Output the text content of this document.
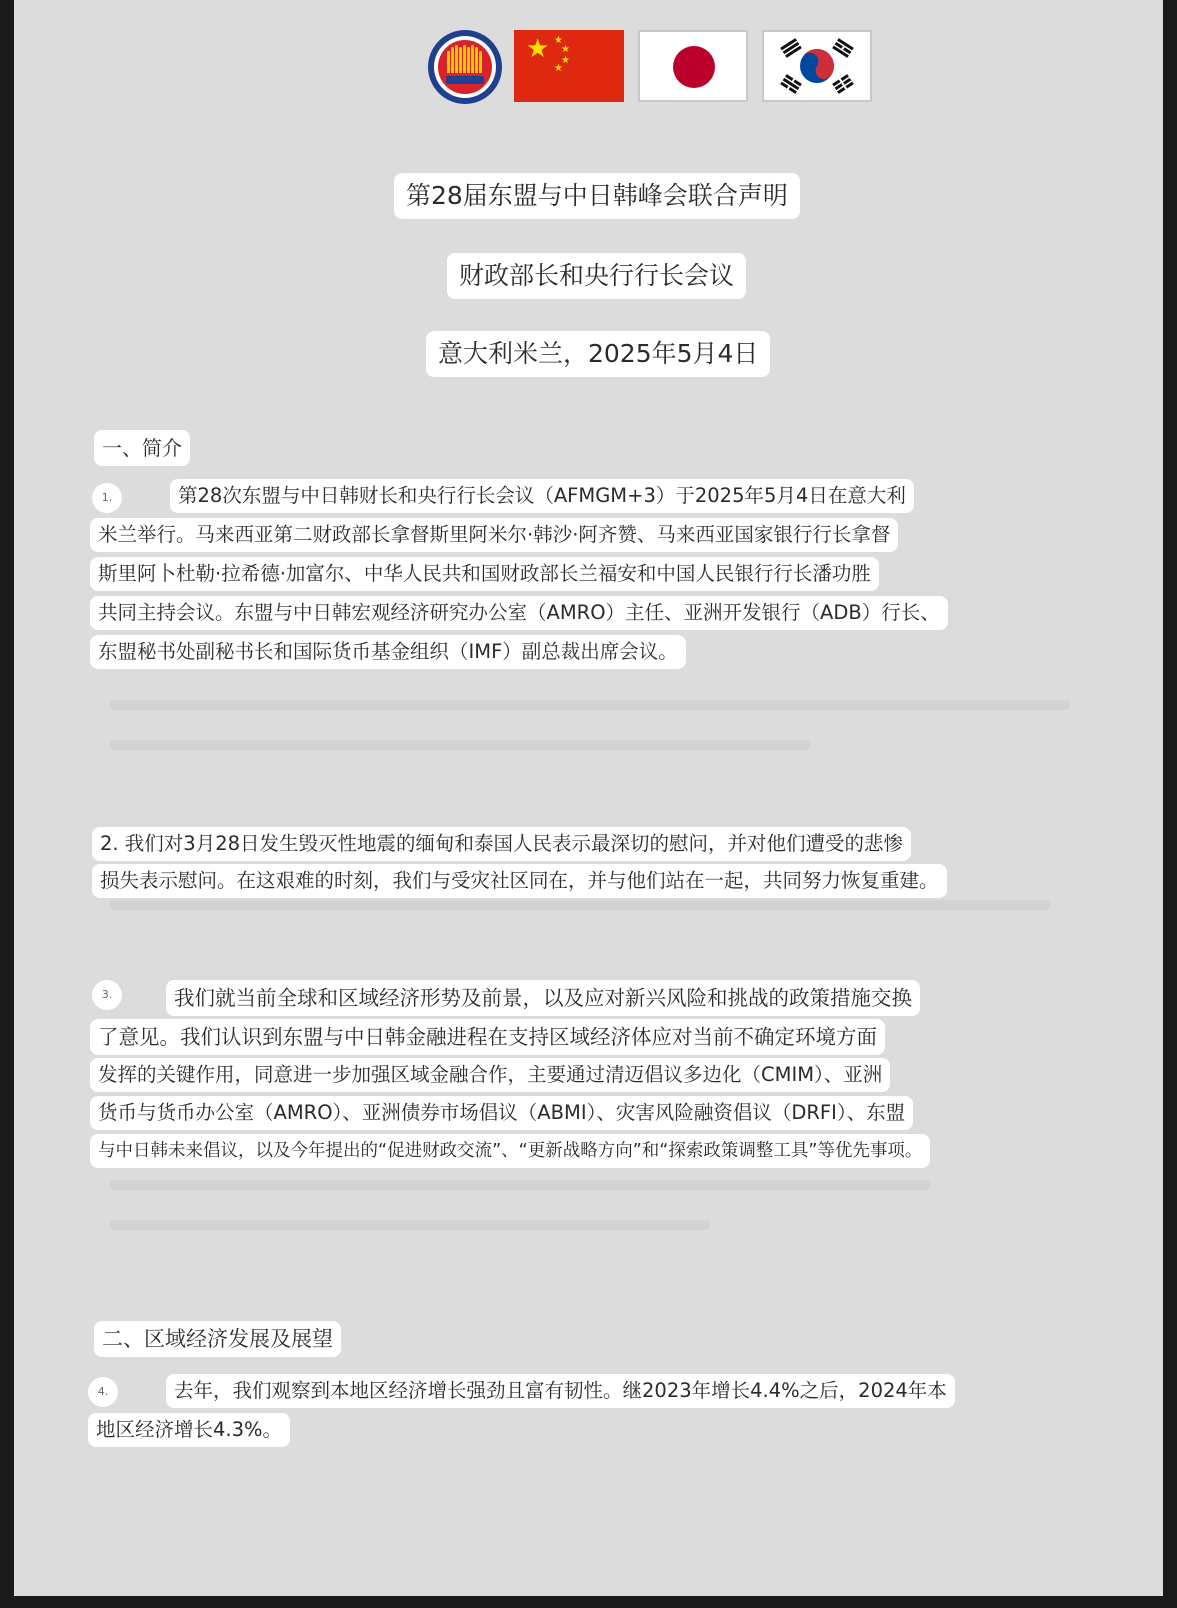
★ ★
★
★
★
第28届东盟与中日韩峰会联合声明
财政部长和央行行长会议
意大利米兰，2025年5月4日
一、简介
1.	第28次东盟与中日韩财长和央行行长会议（AFMGM+3）于2025年5月4日在意大利
米兰举行。马来西亚第二财政部长拿督斯里阿米尔·韩沙·阿齐赞、马来西亚国家银行行长拿督
斯里阿卜杜勒·拉希德·加富尔、中华人民共和国财政部长兰福安和中国人民银行行长潘功胜
共同主持会议。东盟与中日韩宏观经济研究办公室（AMRO）主任、亚洲开发银行（ADB）行长、
东盟秘书处副秘书长和国际货币基金组织（IMF）副总裁出席会议。
2. 我们对3月28日发生毁灭性地震的缅甸和泰国人民表示最深切的慰问，并对他们遭受的悲惨
损失表示慰问。在这艰难的时刻，我们与受灾社区同在，并与他们站在一起，共同努力恢复重建。
3.	我们就当前全球和区域经济形势及前景，以及应对新兴风险和挑战的政策措施交换
了意见。我们认识到东盟与中日韩金融进程在支持区域经济体应对当前不确定环境方面
发挥的关键作用，同意进一步加强区域金融合作，主要通过清迈倡议多边化（CMIM）、亚洲
货币与货币办公室（AMRO）、亚洲债券市场倡议（ABMI）、灾害风险融资倡议（DRFI）、东盟
与中日韩未来倡议，以及今年提出的“促进财政交流”、“更新战略方向”和“探索政策调整工具”等优先事项。
二、区域经济发展及展望
4.	去年，我们观察到本地区经济增长强劲且富有韧性。继2023年增长4.4%之后，2024年本
地区经济增长4.3%。
